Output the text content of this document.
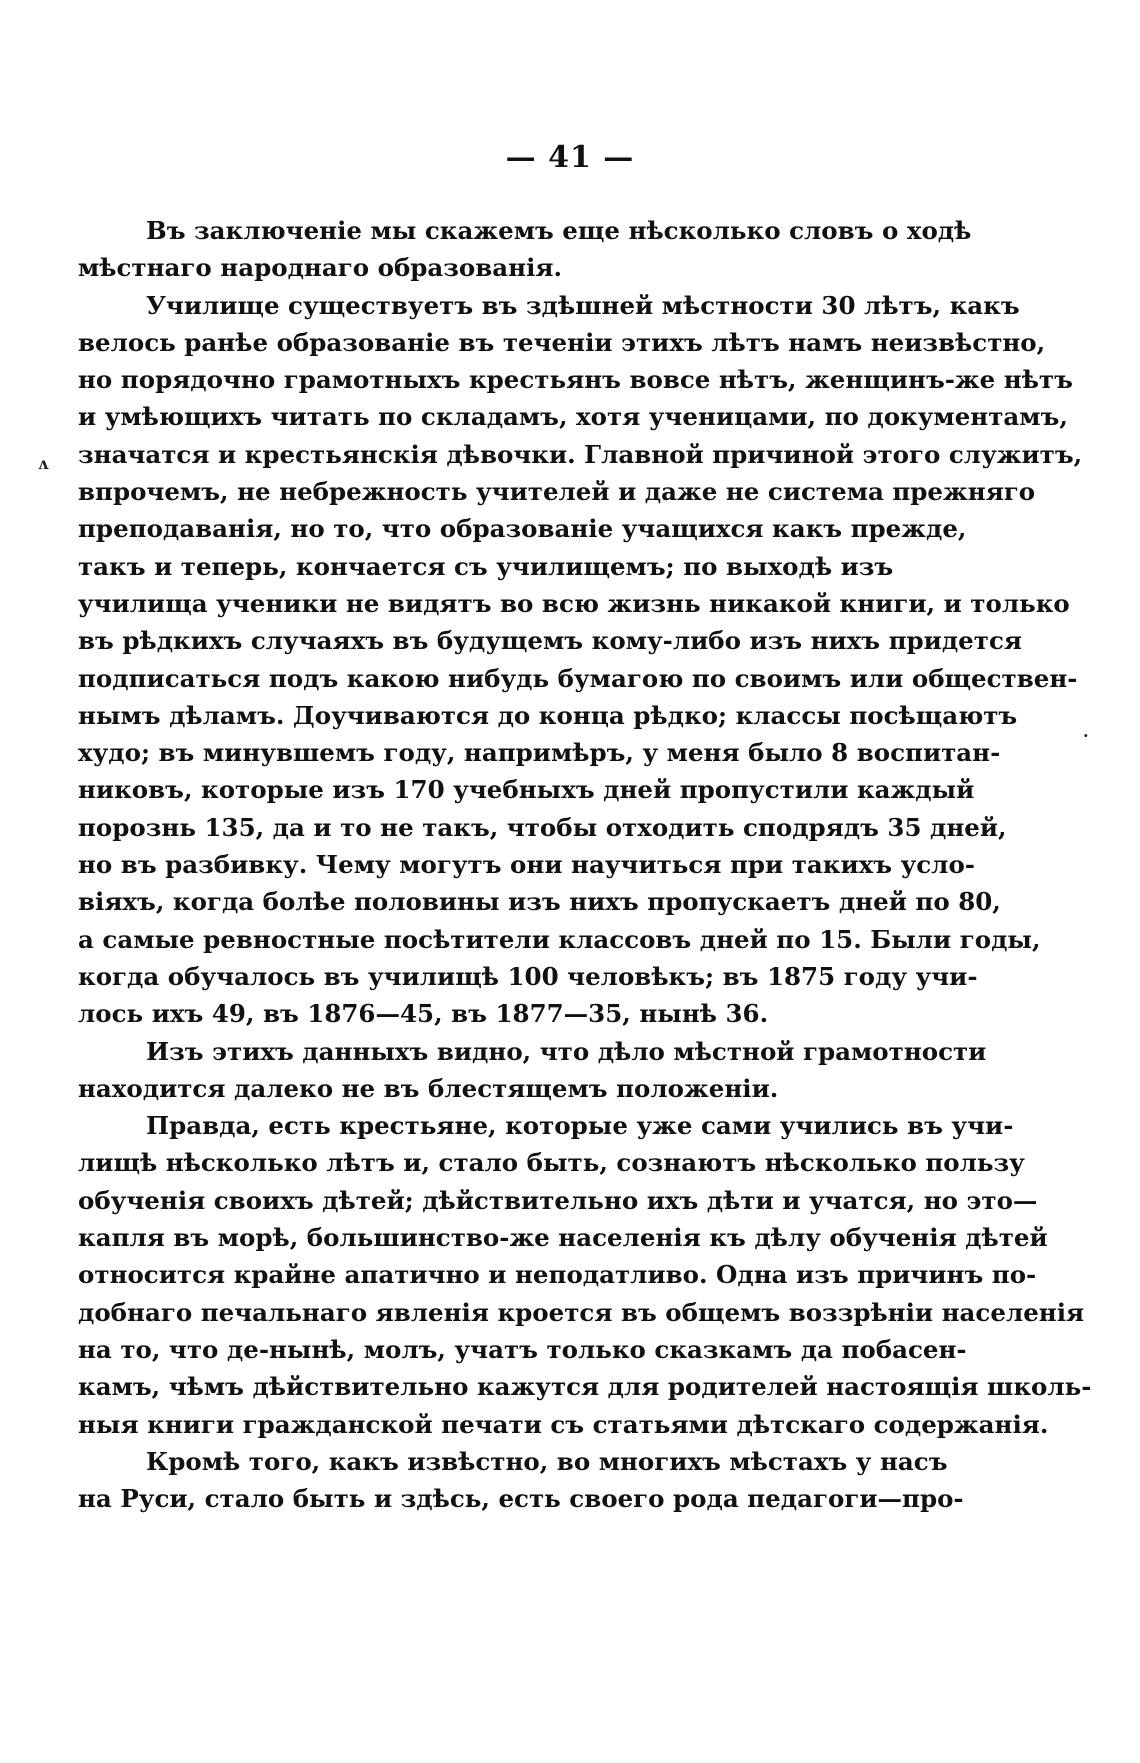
— 41 —
ʌ
·
Въ заключеніе мы скажемъ еще нѣсколько словъ о ходѣ
мѣстнаго народнаго образованія.
Училище существуетъ въ здѣшней мѣстности 30 лѣтъ, какъ
велось ранѣе образованіе въ теченіи этихъ лѣтъ намъ неизвѣстно,
но порядочно грамотныхъ крестьянъ вовсе нѣтъ, женщинъ-же нѣтъ
и умѣющихъ читать по складамъ, хотя ученицами, по документамъ,
значатся и крестьянскія дѣвочки. Главной причиной этого служитъ,
впрочемъ, не небрежность учителей и даже не система прежняго
преподаванія, но то, что образованіе учащихся какъ прежде,
такъ и теперь, кончается съ училищемъ; по выходѣ изъ
училища ученики не видятъ во всю жизнь никакой книги, и только
въ рѣдкихъ случаяхъ въ будущемъ кому-либо изъ нихъ придется
подписаться подъ какою нибудь бумагою по своимъ или обществен-
нымъ дѣламъ. Доучиваются до конца рѣдко; классы посѣщаютъ
худо; въ минувшемъ году, напримѣръ, у меня было 8 воспитан-
никовъ, которые изъ 170 учебныхъ дней пропустили каждый
порознь 135, да и то не такъ, чтобы отходить сподрядъ 35 дней,
но въ разбивку. Чему могутъ они научиться при такихъ усло-
віяхъ, когда болѣе половины изъ нихъ пропускаетъ дней по 80,
а самые ревностные посѣтители классовъ дней по 15. Были годы,
когда обучалось въ училищѣ 100 человѣкъ; въ 1875 году учи-
лось ихъ 49, въ 1876—45, въ 1877—35, нынѣ 36.
Изъ этихъ данныхъ видно, что дѣло мѣстной грамотности
находится далеко не въ блестящемъ положеніи.
Правда, есть крестьяне, которые уже сами учились въ учи-
лищѣ нѣсколько лѣтъ и, стало быть, сознаютъ нѣсколько пользу
обученія своихъ дѣтей; дѣйствительно ихъ дѣти и учатся, но это—
капля въ морѣ, большинство-же населенія къ дѣлу обученія дѣтей
относится крайне апатично и неподатливо. Одна изъ причинъ по-
добнаго печальнаго явленія кроется въ общемъ воззрѣніи населенія
на то, что де-нынѣ, молъ, учатъ только сказкамъ да побасен-
камъ, чѣмъ дѣйствительно кажутся для родителей настоящія школь-
ныя книги гражданской печати съ статьями дѣтскаго содержанія.
Кромѣ того, какъ извѣстно, во многихъ мѣстахъ у насъ
на Руси, стало быть и здѣсь, есть своего рода педагоги—про-
